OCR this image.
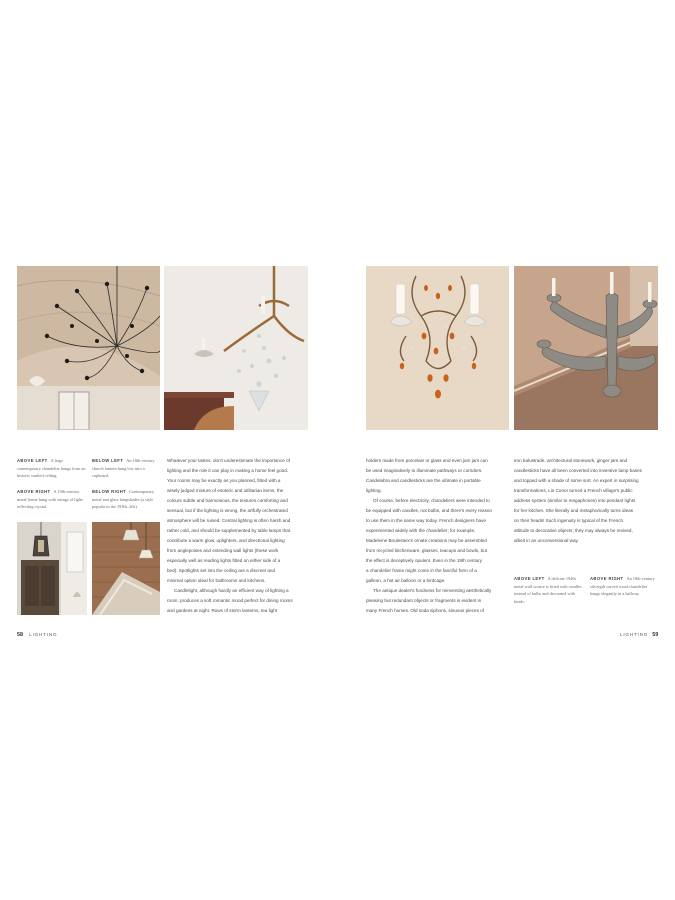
ABOVE LEFT A large contemporary chandelier hangs from an historic vaulted ceiling.

ABOVE RIGHT A 19th-century metal frame hung with strings of light-reflecting crystal.

BELOW LEFT An 18th-century church lantern hung low into a cupboard.

BELOW RIGHT Contemporary metal and glass lampshades (a style popular in the 1930s–40s).

Whatever your tastes, don't underestimate the importance of

lighting and the role it can play in making a home feel good.

Your rooms may be exactly as you planned, fitted with a

wisely judged mixture of esoteric and utilitarian items, the

colours subtle and harmonious, the textures comforting and

sensual, but if the lighting is wrong, the artfully orchestrated

atmosphere will be ruined. Central lighting is often harsh and

rather cold, and should be supplemented by table lamps that

contribute a warm glow, uplighters, and directional lighting

from anglepoises and extending wall lights (these work

especially well as reading lights fitted on either side of a

bed). Spotlights set into the ceiling are a discreet and

minimal option ideal for bathrooms and kitchens.

Candlelight, although hardly an efficient way of lighting a

room, produces a soft romantic mood perfect for dining rooms

and gardens at night. Rows of storm lanterns, tea light

58 LIGHTING

holders made from porcelain or glass and even jam jars can

be used imaginatively to illuminate pathways or corridors.

Candelabra and candlesticks are the ultimate in portable

lighting.

Of course, before electricity, chandeliers were intended to

be equipped with candles, not bulbs, and there's every reason

to use them in the same way today. French designers have

experimented widely with the chandelier; for example,

Madeleine Boulesteix's ornate creations may be assembled

from recycled kitchenware, glasses, teacups and bowls, but

the effect is deceptively opulent. Even in the 19th century

a chandelier frame might come in the fanciful form of a

galleon, a hot air balloon or a birdcage.

The antique dealer's fondness for reinventing aesthetically

pleasing but redundant objects or fragments is evident in

many French homes. Old soda siphons, sinuous pieces of

iron balustrade, architectural stonework, ginger jars and

candlesticks have all been converted into inventive lamp bases

and topped with a shade of some sort. An expert in surprising

transformations, Lin Conor turned a French village's public

address system (similar to megaphones) into pendant lights

for her kitchen. She literally and metaphorically turns ideas

on their heads! Such ingenuity is typical of the French

attitude to decorative objects; they may always be revived,

albeit in an unconventional way.

ABOVE LEFT A delicate 1940s metal wall sconce is fitted with candles instead of bulbs and decorated with beads.

ABOVE RIGHT An 18th-century silvergilt carved wood chandelier hangs elegantly in a hallway.

LIGHTING 59
